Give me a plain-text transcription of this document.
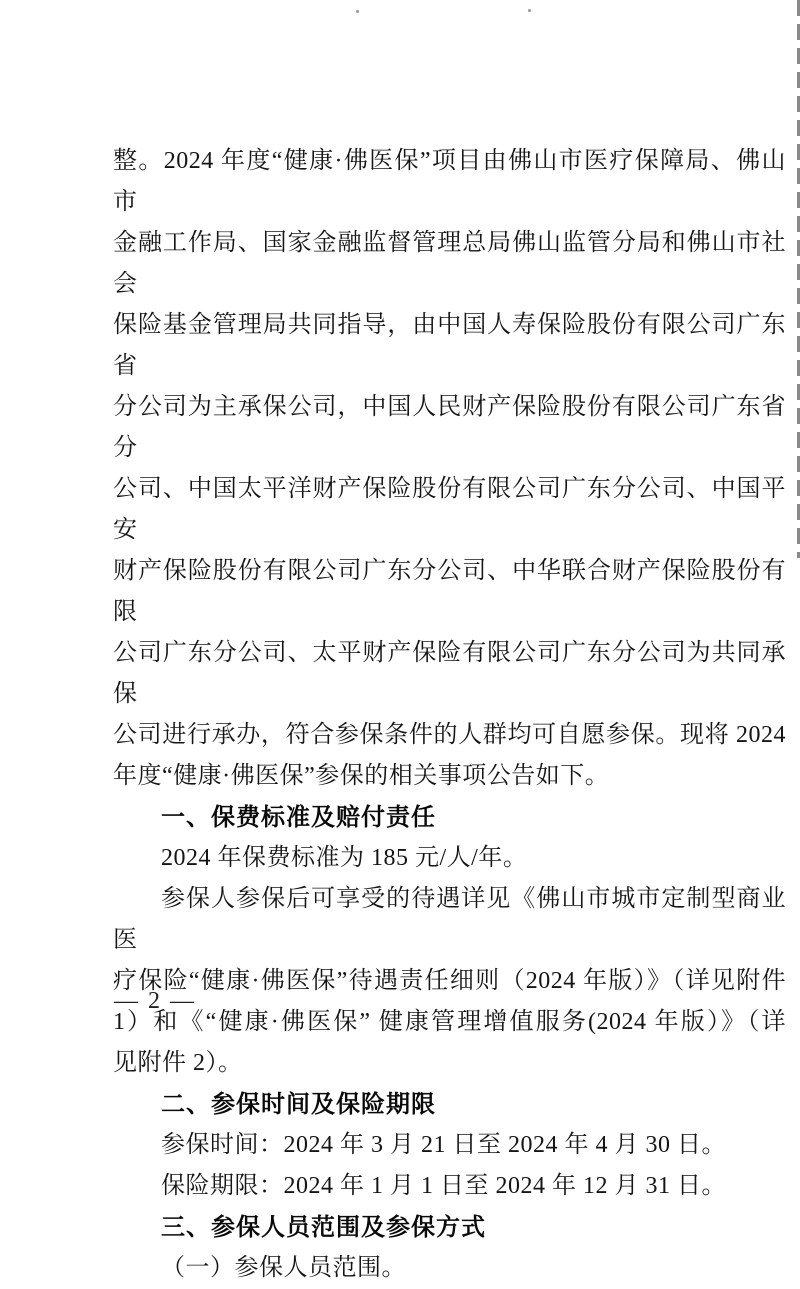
整。2024 年度“健康·佛医保”项目由佛山市医疗保障局、佛山市
金融工作局、国家金融监督管理总局佛山监管分局和佛山市社会
保险基金管理局共同指导，由中国人寿保险股份有限公司广东省
分公司为主承保公司，中国人民财产保险股份有限公司广东省分
公司、中国太平洋财产保险股份有限公司广东分公司、中国平安
财产保险股份有限公司广东分公司、中华联合财产保险股份有限
公司广东分公司、太平财产保险有限公司广东分公司为共同承保
公司进行承办，符合参保条件的人群均可自愿参保。现将 2024
年度“健康·佛医保”参保的相关事项公告如下。
一、保费标准及赔付责任
2024 年保费标准为 185 元/人/年。
参保人参保后可享受的待遇详见《佛山市城市定制型商业医
疗保险“健康·佛医保”待遇责任细则（2024 年版）》（详见附件
1）和《“健康·佛医保” 健康管理增值服务(2024 年版）》（详
见附件 2）。
二、参保时间及保险期限
参保时间：2024 年 3 月 21 日至 2024 年 4 月 30 日。
保险期限：2024 年 1 月 1 日至 2024 年 12 月 31 日。
三、参保人员范围及参保方式
（一）参保人员范围。
— 2 —
